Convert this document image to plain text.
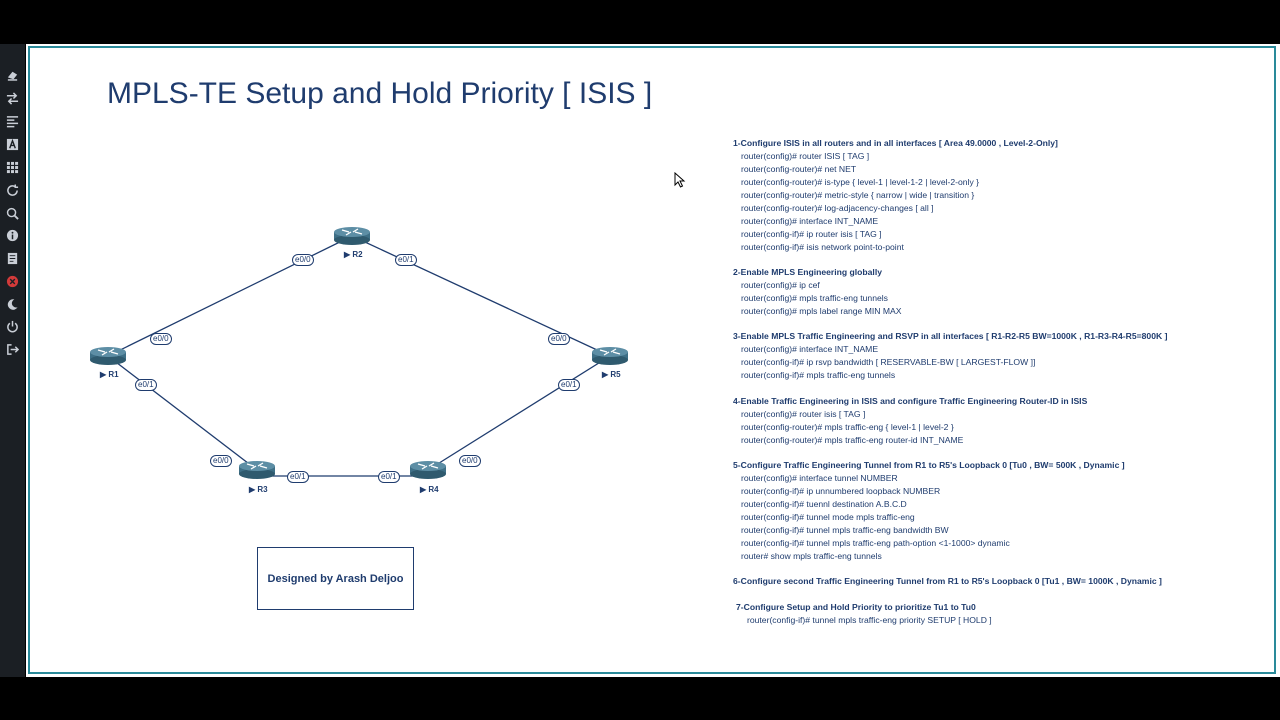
MPLS-TE Setup and Hold Priority [ ISIS ]
▶ R1
▶ R2
▶ R3	▶ R4
▶ R5
e0/0
e0/0	e0/1
e0/0
e0/1
e0/0
e0/1	e0/1
e0/0
e0/1
Designed by Arash Deljoo
1-Configure ISIS in all routers and in all interfaces [ Area 49.0000 , Level-2-Only]
router(config)# router ISIS [ TAG ]
router(config-router)# net NET
router(config-router)# is-type { level-1 | level-1-2 | level-2-only }
router(config-router)# metric-style { narrow | wide | transition }
router(config-router)# log-adjacency-changes [ all ]
router(config)# interface INT_NAME
router(config-if)# ip router isis [ TAG ]
router(config-if)# isis network point-to-point
2-Enable MPLS Engineering globally
router(config)# ip cef
router(config)# mpls traffic-eng tunnels
router(config)# mpls label range MIN MAX
3-Enable MPLS Traffic Engineering and RSVP in all interfaces [ R1-R2-R5 BW=1000K , R1-R3-R4-R5=800K ]
router(config)# interface INT_NAME
router(config-if)# ip rsvp bandwidth [ RESERVABLE-BW [ LARGEST-FLOW ]]
router(config-if)# mpls traffic-eng tunnels
4-Enable Traffic Engineering in ISIS and configure Traffic Engineering Router-ID in ISIS
router(config)# router isis [ TAG ]
router(config-router)# mpls traffic-eng { level-1 | level-2 }
router(config-router)# mpls traffic-eng router-id INT_NAME
5-Configure Traffic Engineering Tunnel from R1 to R5's Loopback 0 [Tu0 , BW= 500K , Dynamic ]
router(config)# interface tunnel NUMBER
router(config-if)# ip unnumbered loopback NUMBER
router(config-if)# tuennl destination A.B.C.D
router(config-if)# tunnel mode mpls traffic-eng
router(config-if)# tunnel mpls traffic-eng bandwidth BW
router(config-if)# tunnel mpls traffic-eng path-option <1-1000> dynamic
router# show mpls traffic-eng tunnels
6-Configure second Traffic Engineering Tunnel from R1 to R5's Loopback 0 [Tu1 , BW= 1000K , Dynamic ]
7-Configure Setup and Hold Priority to prioritize Tu1 to Tu0
router(config-if)# tunnel mpls traffic-eng priority SETUP [ HOLD ]
